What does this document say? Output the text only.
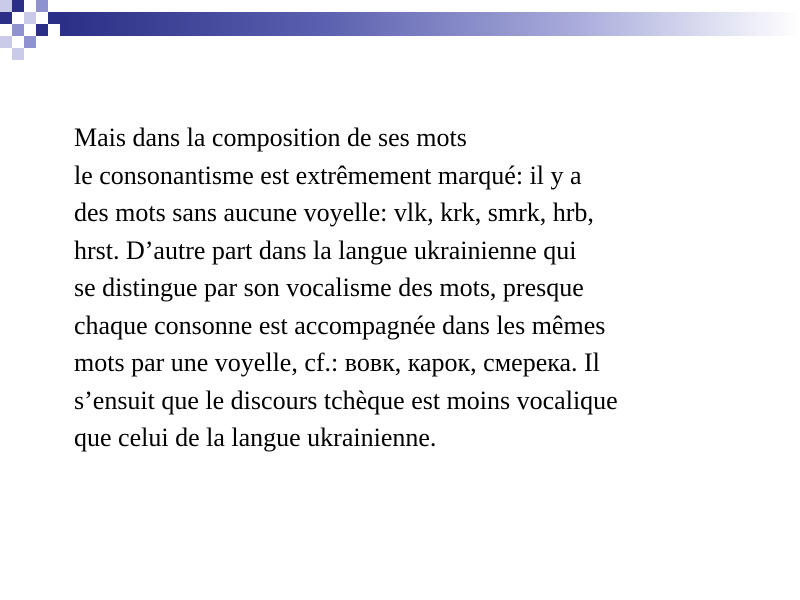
Mais dans la composition de ses mots
le consonantisme est extrêmement marqué: il y a
des mots sans aucune voyelle: vlk, krk, smrk, hrb,
hrst. D’autre part dans la langue ukrainienne qui
se distingue par son vocalisme des mots, presque
chaque consonne est accompagnée dans les mêmes
mots par une voyelle, cf.: вовк, карок, смерека. Il
s’ensuit que le discours tchèque est moins vocalique
que celui de la langue ukrainienne.
